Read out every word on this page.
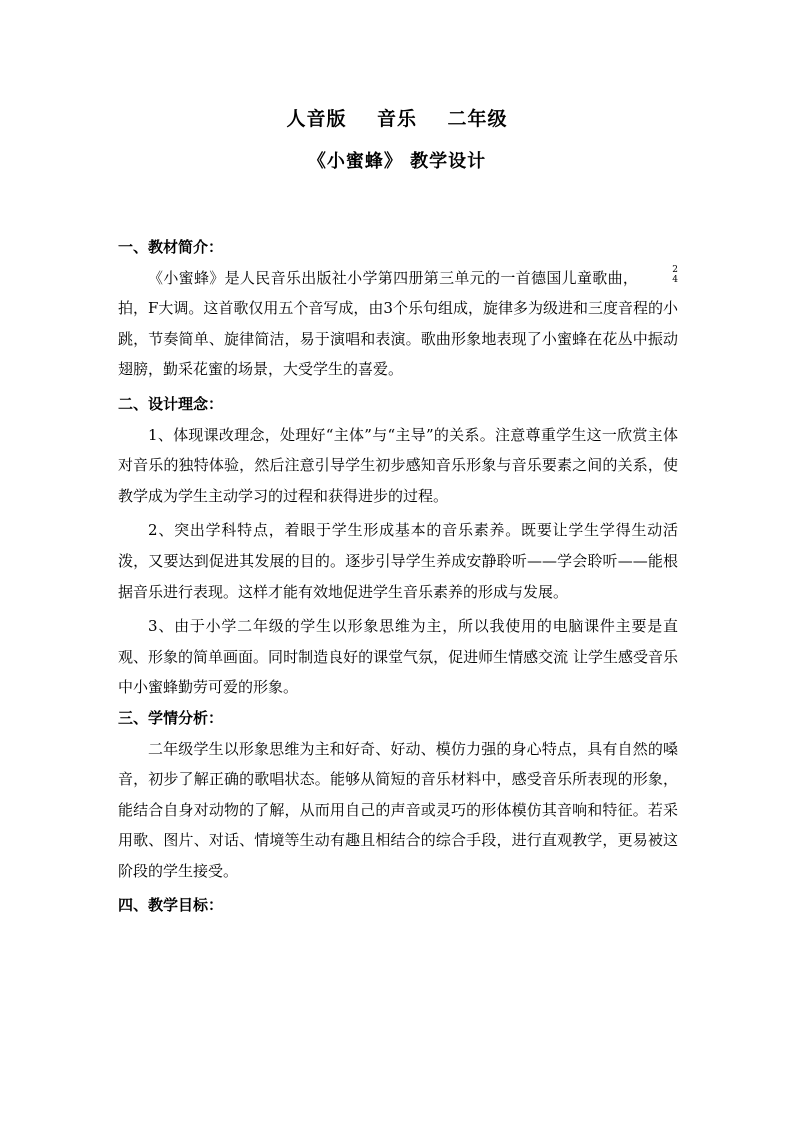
人音版    音乐    二年级
《小蜜蜂》 教学设计
一、教材简介：

《小蜜蜂》是人民音乐出版社小学第四册第三单元的一首德国儿童歌曲，	2
4
拍，F大调。这首歌仅用五个音写成，由3个乐句组成，旋律多为级进和三度音程的小跳，节奏简单、旋律简洁，易于演唱和表演。歌曲形象地表现了小蜜蜂在花丛中振动翅膀，勤采花蜜的场景，大受学生的喜爱。

二、设计理念：

1、体现课改理念，处理好“主体”与“主导”的关系。注意尊重学生这一欣赏主体对音乐的独特体验，然后注意引导学生初步感知音乐形象与音乐要素之间的关系，使教学成为学生主动学习的过程和获得进步的过程。

2、突出学科特点，着眼于学生形成基本的音乐素养。既要让学生学得生动活泼，又要达到促进其发展的目的。逐步引导学生养成安静聆听——学会聆听——能根据音乐进行表现。这样才能有效地促进学生音乐素养的形成与发展。

3、由于小学二年级的学生以形象思维为主，所以我使用的电脑课件主要是直观、形象的简单画面。同时制造良好的课堂气氛，促进师生情感交流 让学生感受音乐中小蜜蜂勤劳可爱的形象。

三、学情分析：

二年级学生以形象思维为主和好奇、好动、模仿力强的身心特点，具有自然的嗓音，初步了解正确的歌唱状态。能够从简短的音乐材料中，感受音乐所表现的形象，能结合自身对动物的了解，从而用自己的声音或灵巧的形体模仿其音响和特征。若采用歌、图片、对话、情境等生动有趣且相结合的综合手段，进行直观教学，更易被这阶段的学生接受。

四、教学目标：
